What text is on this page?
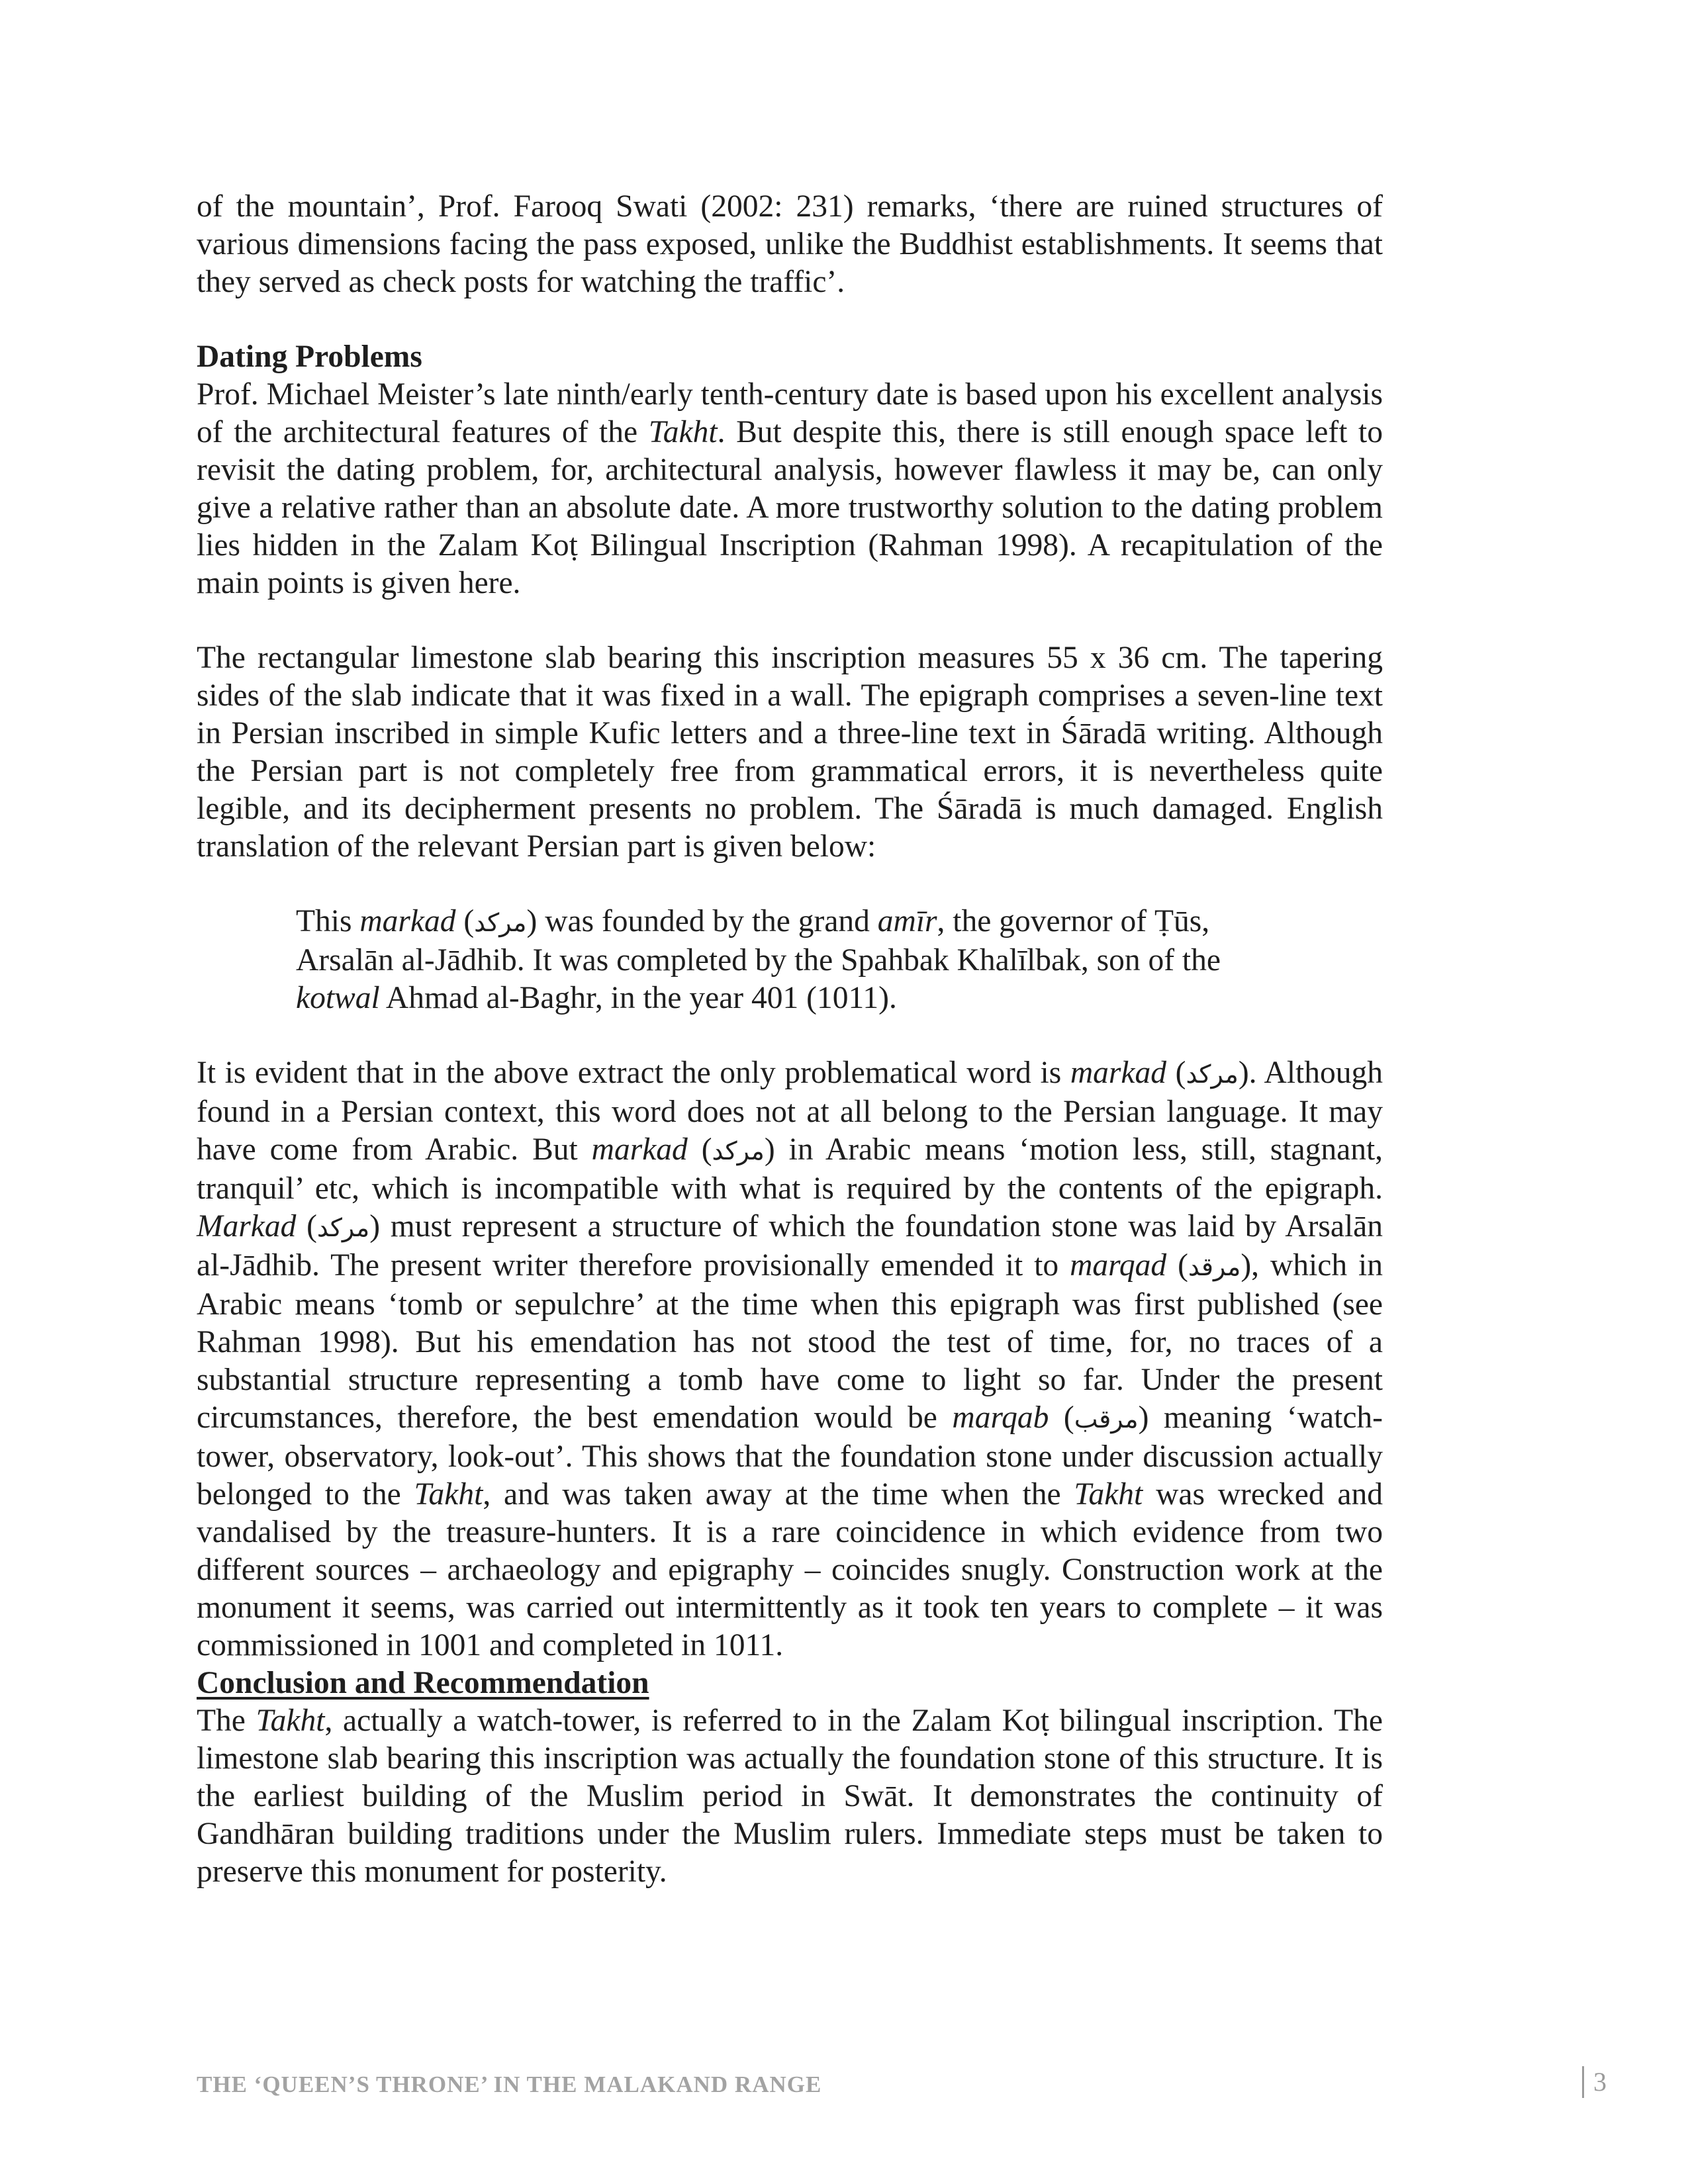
of the mountain’, Prof. Farooq Swati (2002: 231) remarks, ‘there are ruined structures of various dimensions facing the pass exposed, unlike the Buddhist establishments. It seems that they served as check posts for watching the traffic’.

Dating Problems

Prof. Michael Meister’s late ninth/early tenth-century date is based upon his excellent analysis of the architectural features of the Takht. But despite this, there is still enough space left to revisit the dating problem, for, architectural analysis, however flawless it may be, can only give a relative rather than an absolute date. A more trustworthy solution to the dating problem lies hidden in the Zalam Koṭ Bilingual Inscription (Rahman 1998). A recapitulation of the main points is given here.

The rectangular limestone slab bearing this inscription measures 55 x 36 cm. The tapering sides of the slab indicate that it was fixed in a wall. The epigraph comprises a seven-line text in Persian inscribed in simple Kufic letters and a three-line text in Śāradā writing. Although the Persian part is not completely free from grammatical errors, it is nevertheless quite legible, and its decipherment presents no problem. The Śāradā is much damaged. English translation of the relevant Persian part is given below:

This markad (مرکد) was founded by the grand amīr, the governor of Ṭūs, Arsalān al-Jādhib. It was completed by the Spahbak Khalīlbak, son of the kotwal Ahmad al-Baghr, in the year 401 (1011).

It is evident that in the above extract the only problematical word is markad (مرکد). Although found in a Persian context, this word does not at all belong to the Persian language. It may have come from Arabic. But markad (مرکد) in Arabic means ‘motion less, still, stagnant, tranquil’ etc, which is incompatible with what is required by the contents of the epigraph. Markad (مرکد) must represent a structure of which the foundation stone was laid by Arsalān al-Jādhib. The present writer therefore provisionally emended it to marqad (مرقد), which in Arabic means ‘tomb or sepulchre’ at the time when this epigraph was first published (see Rahman 1998). But his emendation has not stood the test of time, for, no traces of a substantial structure representing a tomb have come to light so far. Under the present circumstances, therefore, the best emendation would be marqab (مرقب) meaning ‘watch-tower, observatory, look-out’. This shows that the foundation stone under discussion actually belonged to the Takht, and was taken away at the time when the Takht was wrecked and vandalised by the treasure-hunters. It is a rare coincidence in which evidence from two different sources – archaeology and epigraphy – coincides snugly. Construction work at the monument it seems, was carried out intermittently as it took ten years to complete – it was commissioned in 1001 and completed in 1011.

Conclusion and Recommendation

The Takht, actually a watch-tower, is referred to in the Zalam Koṭ bilingual inscription. The limestone slab bearing this inscription was actually the foundation stone of this structure. It is the earliest building of the Muslim period in Swāt. It demonstrates the continuity of Gandhāran building traditions under the Muslim rulers. Immediate steps must be taken to preserve this monument for posterity.

THE ‘QUEEN’S THRONE’ IN THE MALAKAND RANGE	3
